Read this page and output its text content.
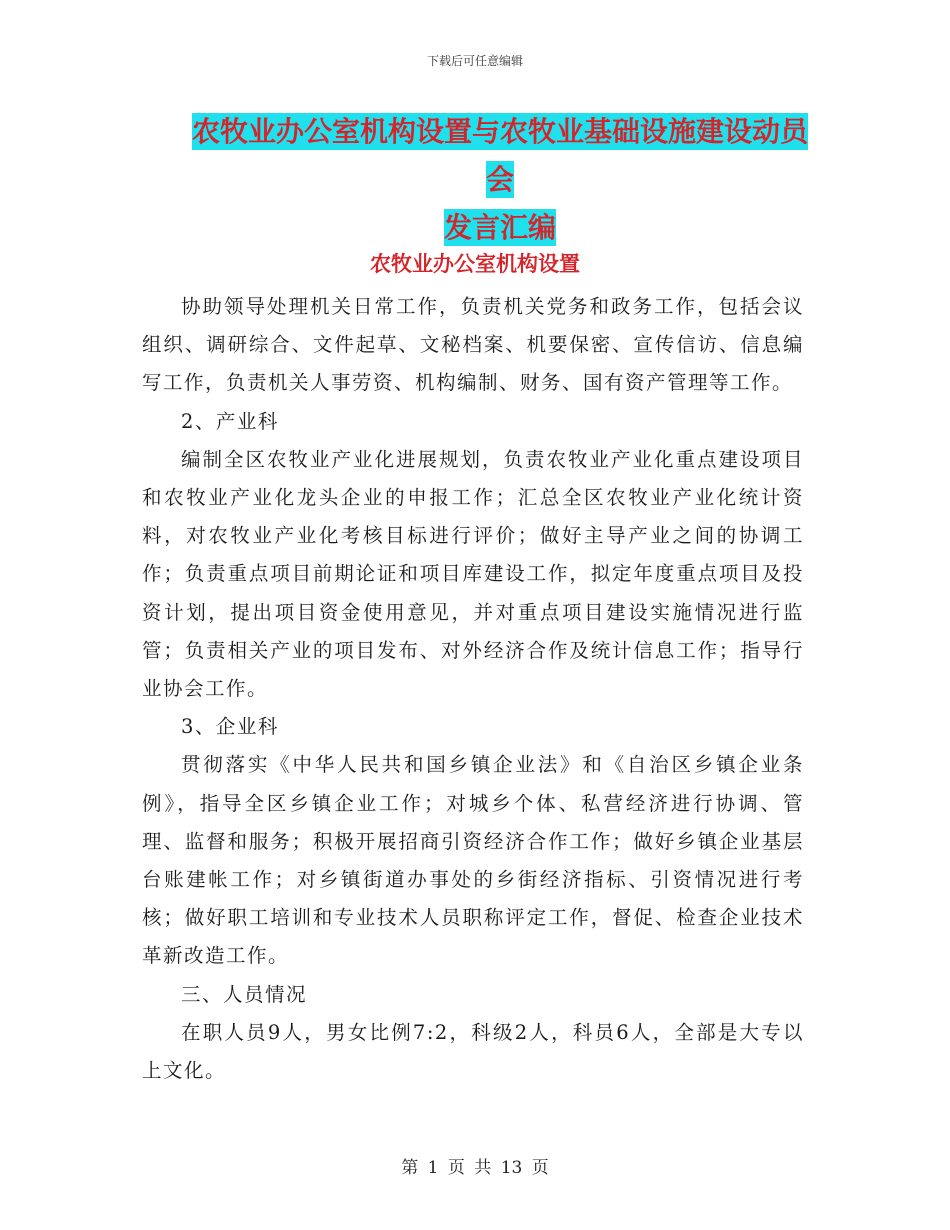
下载后可任意编辑
农牧业办公室机构设置与农牧业基础设施建设动员会
发言汇编
农牧业办公室机构设置

协助领导处理机关日常工作，负责机关党务和政务工作，包括会议组织、调研综合、文件起草、文秘档案、机要保密、宣传信访、信息编写工作，负责机关人事劳资、机构编制、财务、国有资产管理等工作。

2、产业科

编制全区农牧业产业化进展规划，负责农牧业产业化重点建设项目和农牧业产业化龙头企业的申报工作；汇总全区农牧业产业化统计资料，对农牧业产业化考核目标进行评价；做好主导产业之间的协调工作；负责重点项目前期论证和项目库建设工作，拟定年度重点项目及投资计划，提出项目资金使用意见，并对重点项目建设实施情况进行监管；负责相关产业的项目发布、对外经济合作及统计信息工作；指导行业协会工作。

3、企业科

贯彻落实《中华人民共和国乡镇企业法》和《自治区乡镇企业条例》，指导全区乡镇企业工作；对城乡个体、私营经济进行协调、管理、监督和服务；积极开展招商引资经济合作工作；做好乡镇企业基层台账建帐工作；对乡镇街道办事处的乡街经济指标、引资情况进行考核；做好职工培训和专业技术人员职称评定工作，督促、检查企业技术革新改造工作。

三、人员情况

在职人员9人，男女比例7:2，科级2人，科员6人，全部是大专以上文化。

第 1 页 共 13 页
